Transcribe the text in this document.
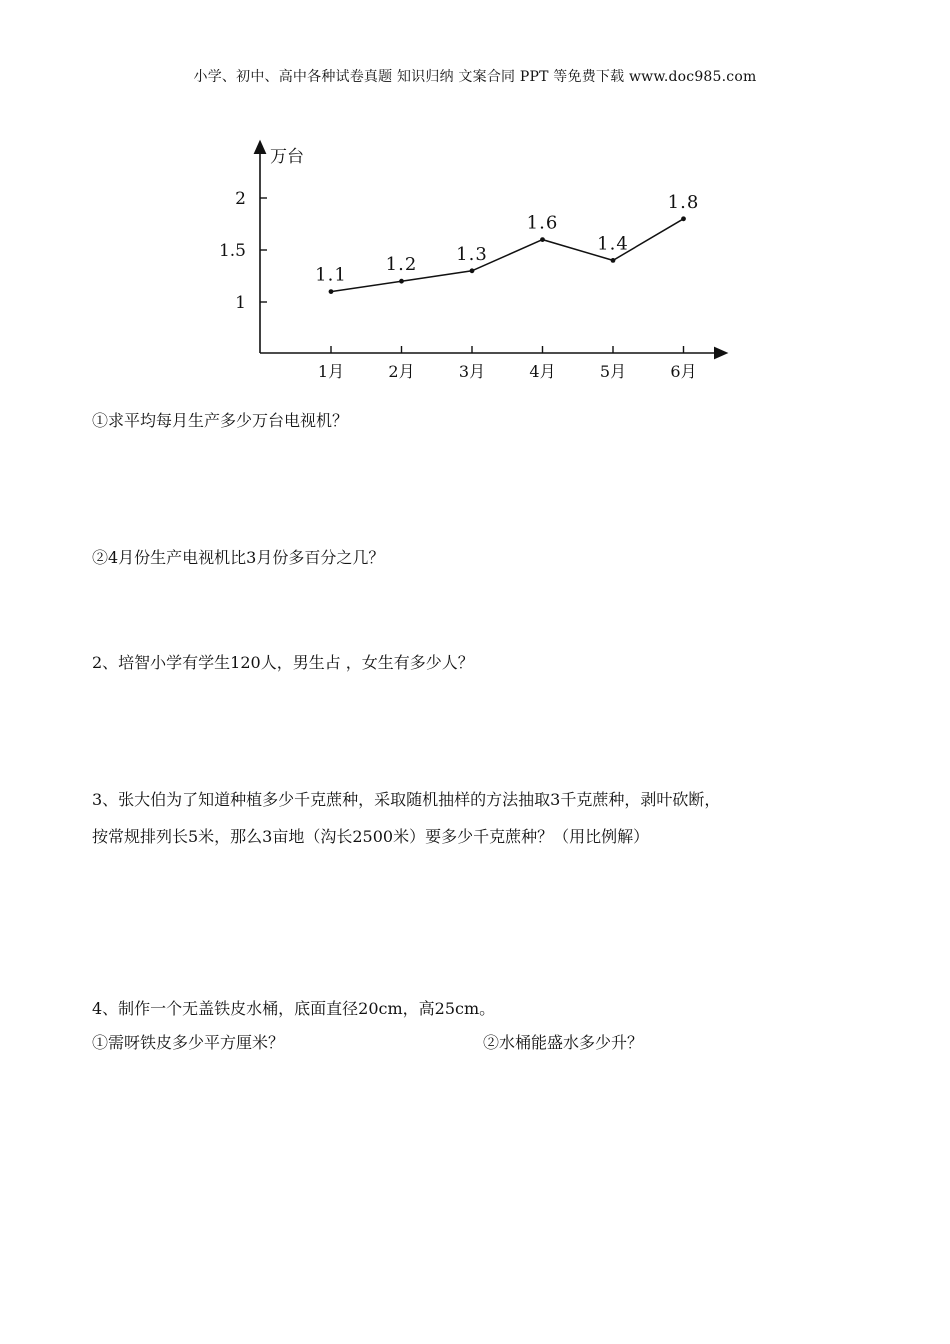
小学、初中、高中各种试卷真题 知识归纳 文案合同 PPT 等免费下载 www.doc985.com
万台
1
1.5
2
1月
1.1
2月
1.2
3月
1.3
4月
1.6
5月
1.4
6月
1.8
①求平均每月生产多少万台电视机？
②4月份生产电视机比3月份多百分之几？
2、培智小学有学生120人，男生占 ，女生有多少人？
3、张大伯为了知道种植多少千克蔗种，采取随机抽样的方法抽取3千克蔗种，剥叶砍断，
按常规排列长5米，那么3亩地（沟长2500米）要多少千克蔗种？（用比例解）
4、制作一个无盖铁皮水桶，底面直径20cm，高25cm。
①需呀铁皮多少平方厘米？	②水桶能盛水多少升？
